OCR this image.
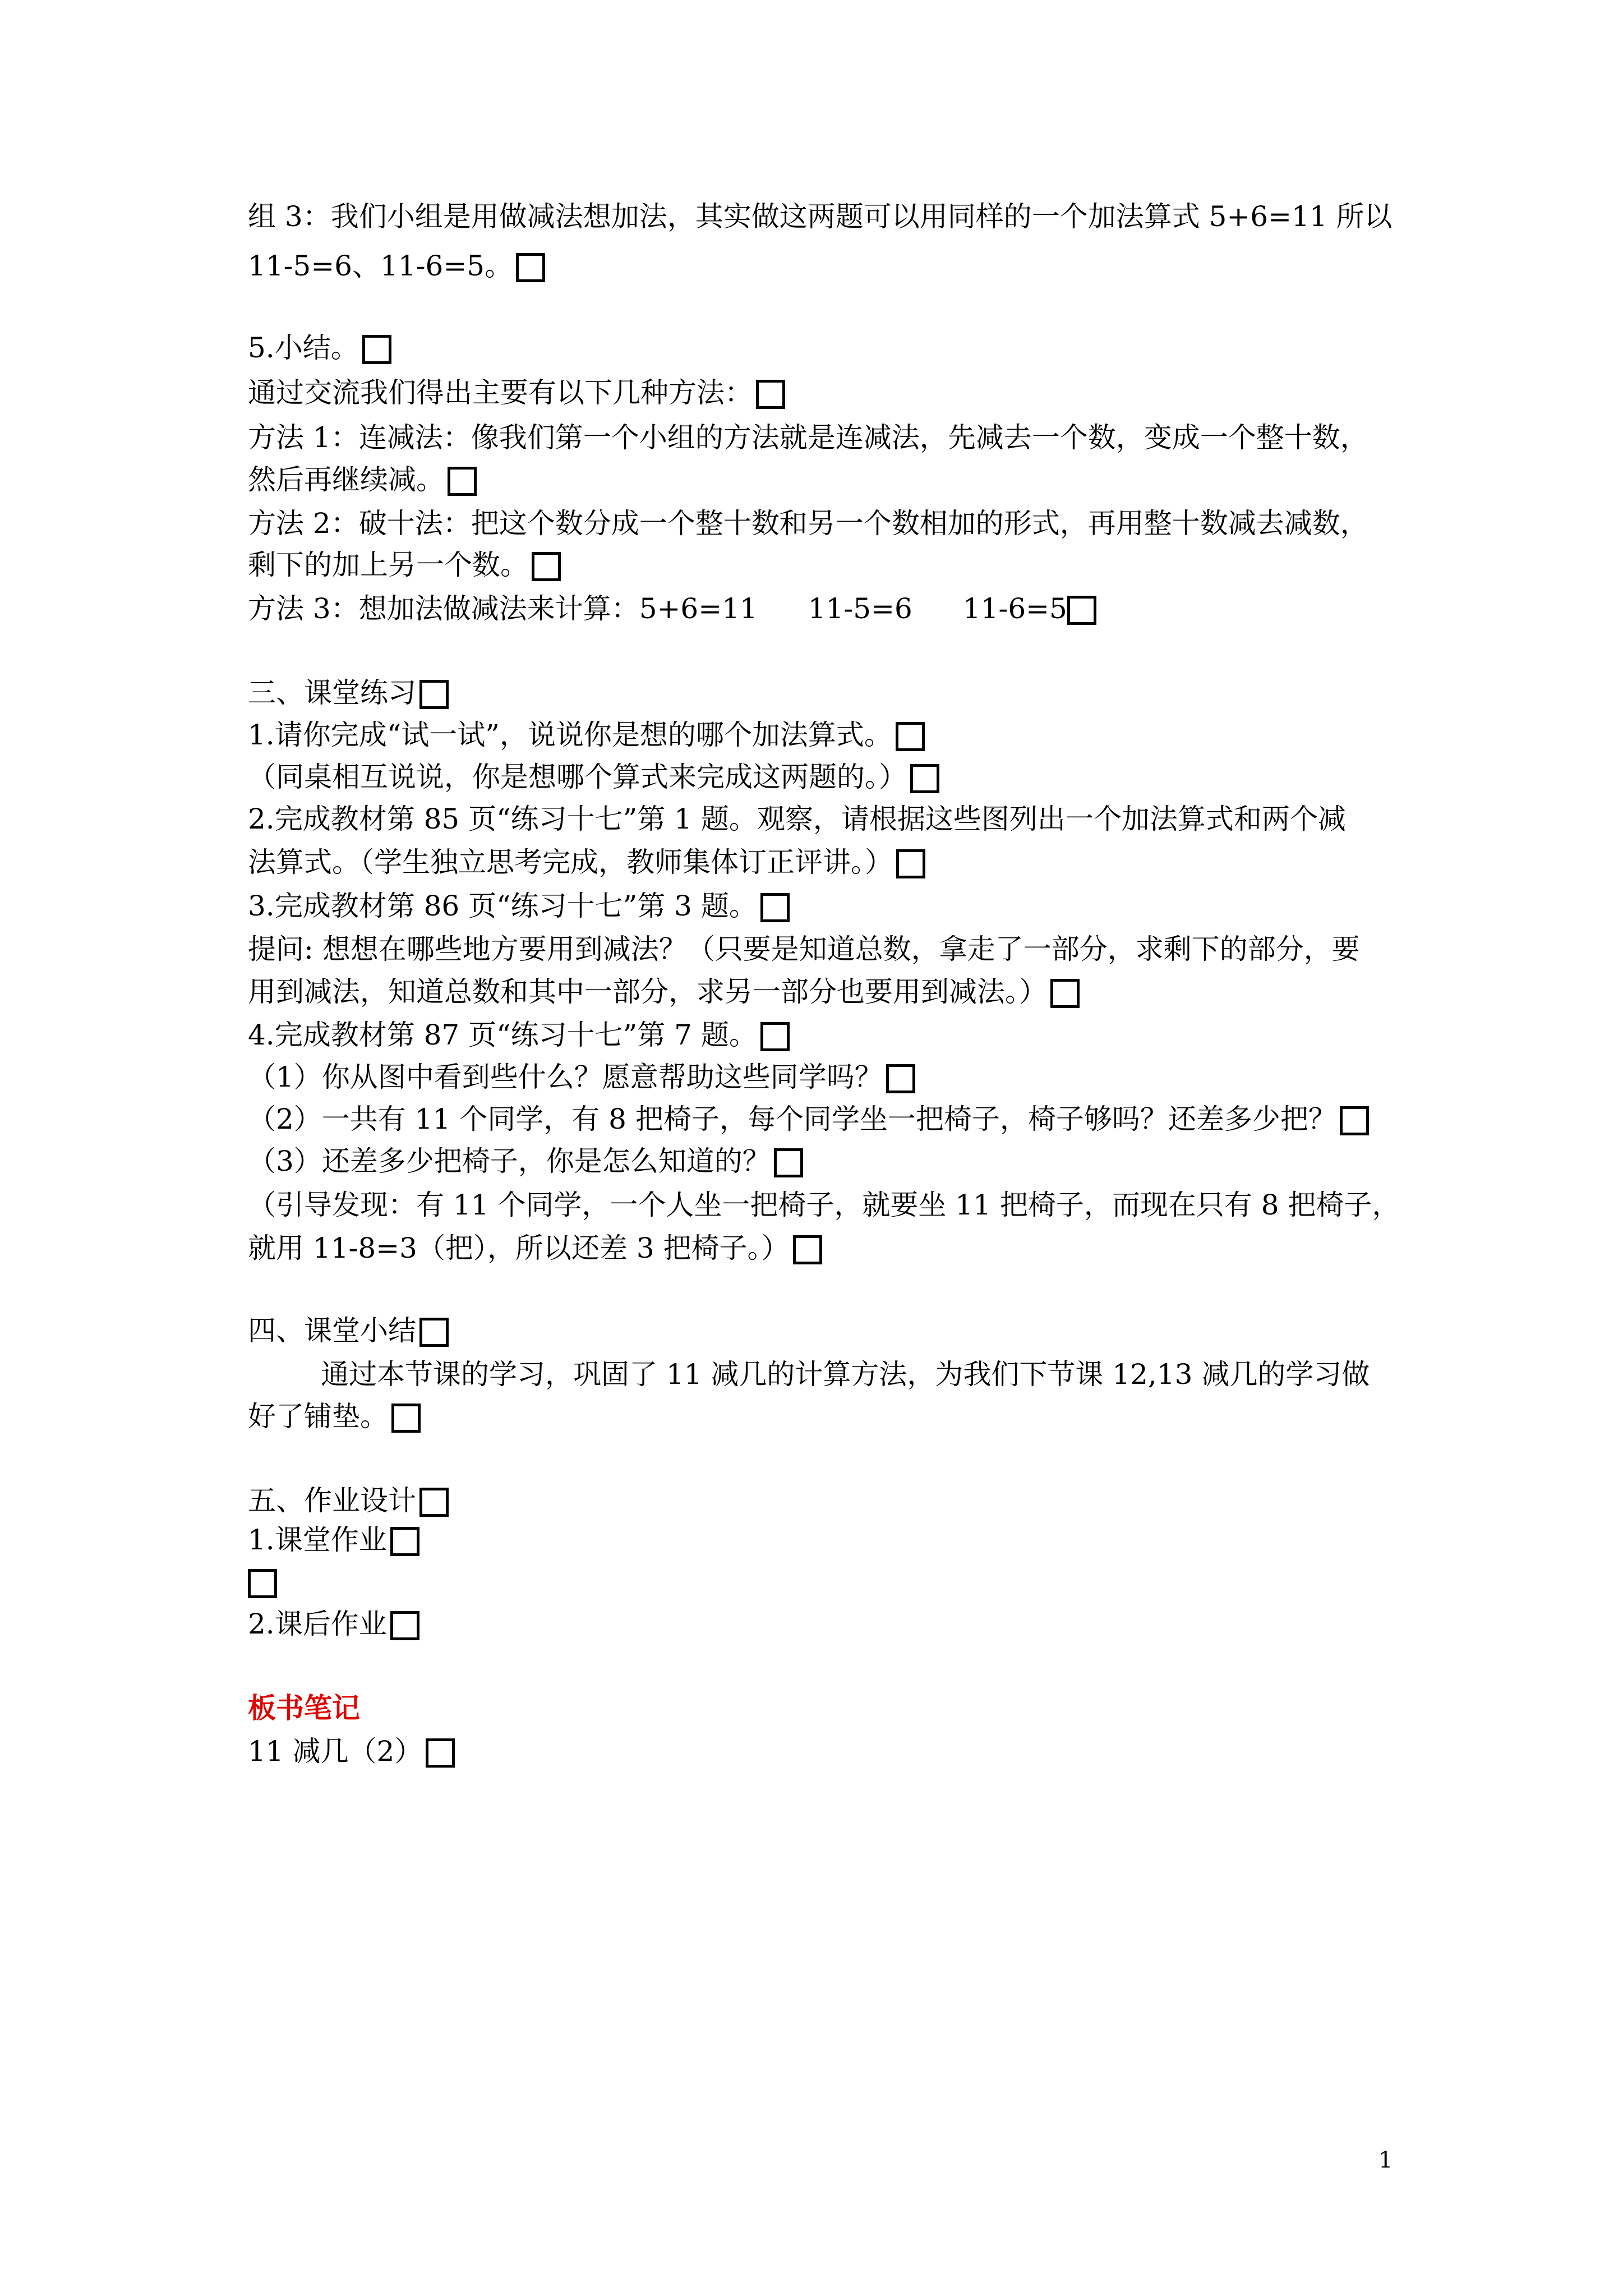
组 3：我们小组是用做减法想加法，其实做这两题可以用同样的一个加法算式 5+6=11 所以
11-5=6、11-6=5。
5.小结。
通过交流我们得出主要有以下几种方法：
方法 1：连减法：像我们第一个小组的方法就是连减法，先减去一个数，变成一个整十数，
然后再继续减。
方法 2：破十法：把这个数分成一个整十数和另一个数相加的形式，再用整十数减去减数，
剩下的加上另一个数。
方法 3：想加法做减法来计算：5+6=11 11-5=6 11-6=5
三、课堂练习
1.请你完成“试一试”，说说你是想的哪个加法算式。
（同桌相互说说，你是想哪个算式来完成这两题的。）
2.完成教材第 85 页“练习十七”第 1 题。观察，请根据这些图列出一个加法算式和两个减
法算式。（学生独立思考完成，教师集体订正评讲。）
3.完成教材第 86 页“练习十七”第 3 题。
提问: 想想在哪些地方要用到减法？（只要是知道总数，拿走了一部分，求剩下的部分，要
用到减法，知道总数和其中一部分，求另一部分也要用到减法。）
4.完成教材第 87 页“练习十七”第 7 题。
（1）你从图中看到些什么？愿意帮助这些同学吗？
（2）一共有 11 个同学，有 8 把椅子，每个同学坐一把椅子，椅子够吗？还差多少把？
（3）还差多少把椅子，你是怎么知道的？
（引导发现：有 11 个同学，一个人坐一把椅子，就要坐 11 把椅子，而现在只有 8 把椅子，
就用 11-8=3（把），所以还差 3 把椅子。）
四、课堂小结
通过本节课的学习，巩固了 11 减几的计算方法，为我们下节课 12,13 减几的学习做
好了铺垫。
五、作业设计
1.课堂作业
2.课后作业
板书笔记
11 减几（2）
1
